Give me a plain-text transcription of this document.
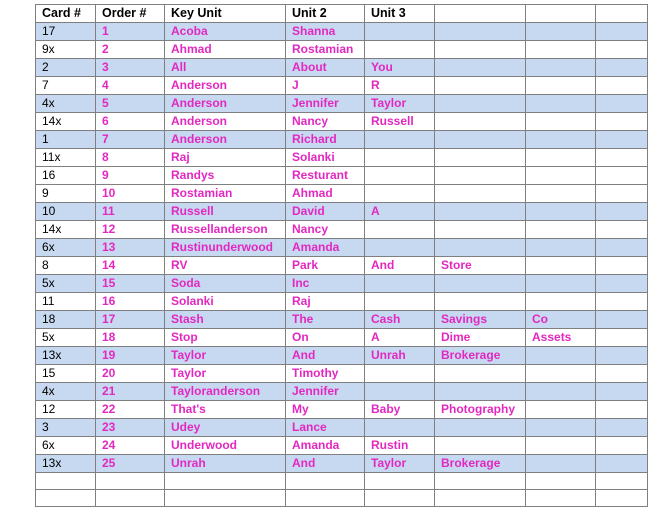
Card #	Order #	Key Unit	Unit 2	Unit 3			
17	1	Acoba	Shanna				
9x	2	Ahmad	Rostamian				
2	3	All	About	You			
7	4	Anderson	J	R			
4x	5	Anderson	Jennifer	Taylor			
14x	6	Anderson	Nancy	Russell			
1	7	Anderson	Richard				
11x	8	Raj	Solanki				
16	9	Randys	Resturant				
9	10	Rostamian	Ahmad				
10	11	Russell	David	A			
14x	12	Russellanderson	Nancy				
6x	13	Rustinunderwood	Amanda				
8	14	RV	Park	And	Store		
5x	15	Soda	Inc				
11	16	Solanki	Raj				
18	17	Stash	The	Cash	Savings	Co	
5x	18	Stop	On	A	Dime	Assets	
13x	19	Taylor	And	Unrah	Brokerage		
15	20	Taylor	Timothy				
4x	21	Tayloranderson	Jennifer				
12	22	That's	My	Baby	Photography		
3	23	Udey	Lance				
6x	24	Underwood	Amanda	Rustin			
13x	25	Unrah	And	Taylor	Brokerage		
